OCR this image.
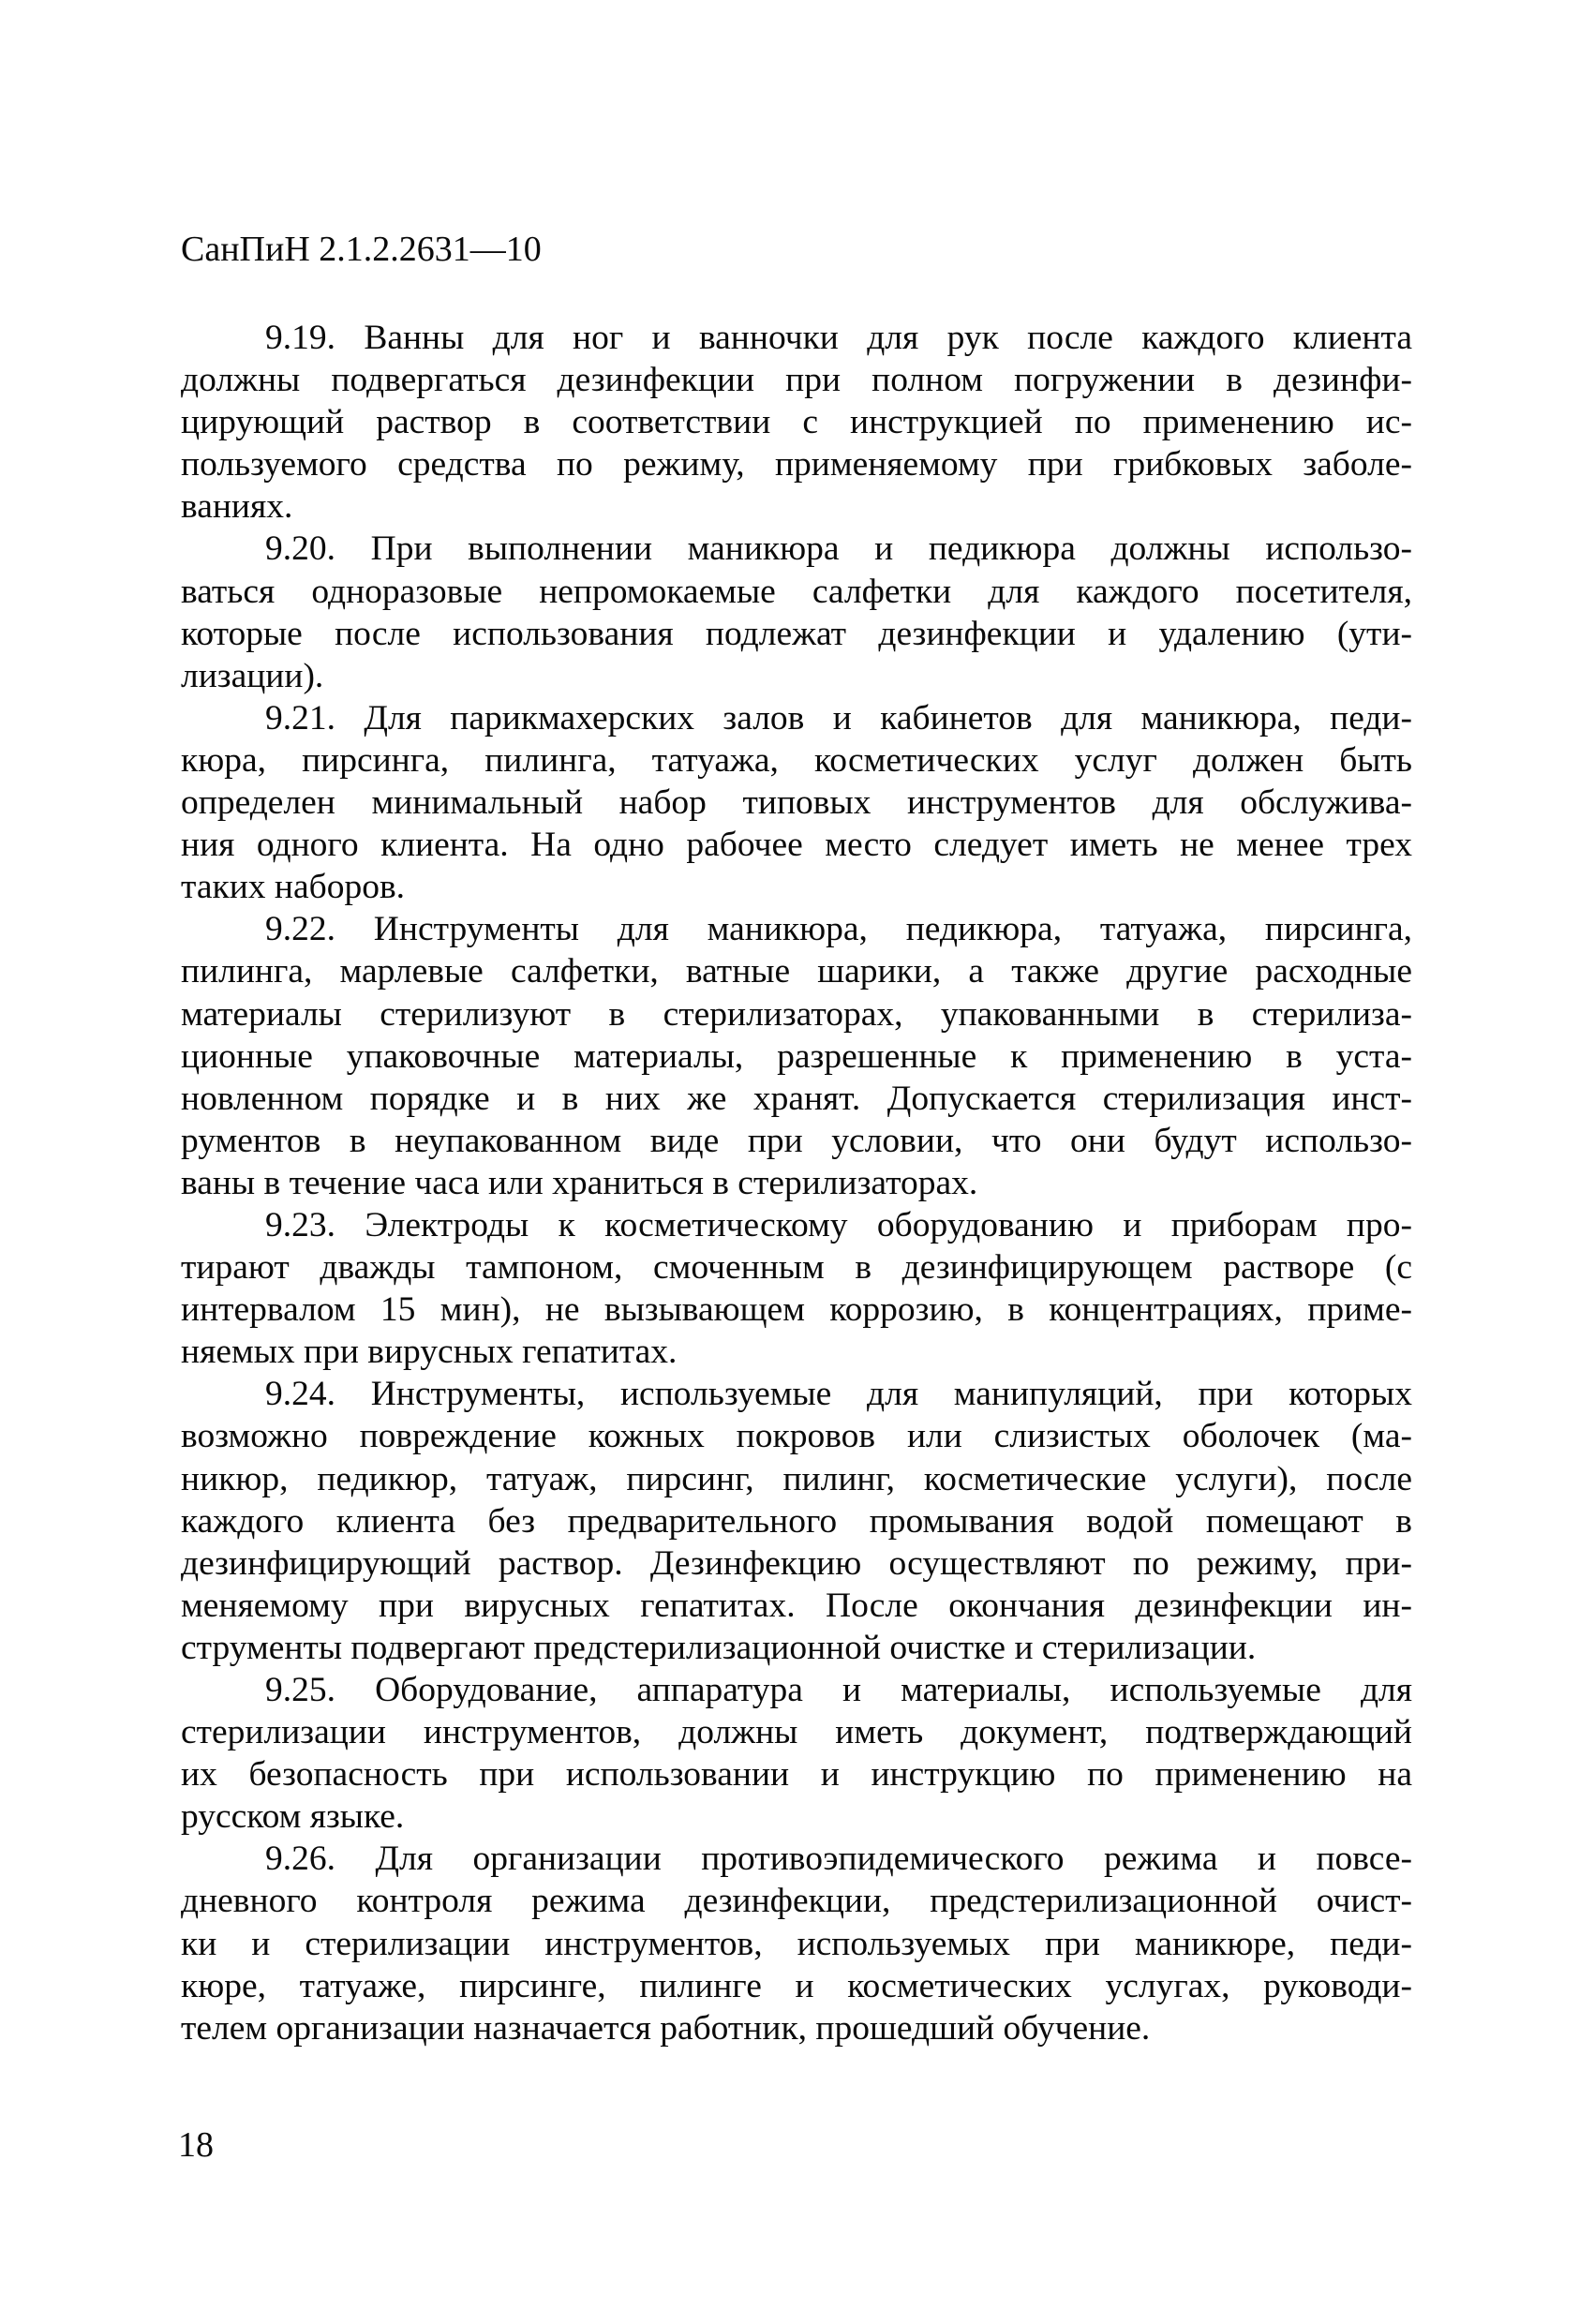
СанПиН 2.1.2.2631—10
9.19. Ванны для ног и ванночки для рук после каждого клиента
должны подвергаться дезинфекции при полном погружении в дезинфи-
цирующий раствор в соответствии с инструкцией по применению ис-
пользуемого средства по режиму, применяемому при грибковых заболе-
ваниях.
9.20. При выполнении маникюра и педикюра должны использо-
ваться одноразовые непромокаемые салфетки для каждого посетителя,
которые после использования подлежат дезинфекции и удалению (ути-
лизации).
9.21. Для парикмахерских залов и кабинетов для маникюра, педи-
кюра, пирсинга, пилинга, татуажа, косметических услуг должен быть
определен минимальный набор типовых инструментов для обслужива-
ния одного клиента. На одно рабочее место следует иметь не менее трех
таких наборов.
9.22. Инструменты для маникюра, педикюра, татуажа, пирсинга,
пилинга, марлевые салфетки, ватные шарики, а также другие расходные
материалы стерилизуют в стерилизаторах, упакованными в стерилиза-
ционные упаковочные материалы, разрешенные к применению в уста-
новленном порядке и в них же хранят. Допускается стерилизация инст-
рументов в неупакованном виде при условии, что они будут использо-
ваны в течение часа или храниться в стерилизаторах.
9.23. Электроды к косметическому оборудованию и приборам про-
тирают дважды тампоном, смоченным в дезинфицирующем растворе (с
интервалом 15 мин), не вызывающем коррозию, в концентрациях, приме-
няемых при вирусных гепатитах.
9.24. Инструменты, используемые для манипуляций, при которых
возможно повреждение кожных покровов или слизистых оболочек (ма-
никюр, педикюр, татуаж, пирсинг, пилинг, косметические услуги), после
каждого клиента без предварительного промывания водой помещают в
дезинфицирующий раствор. Дезинфекцию осуществляют по режиму, при-
меняемому при вирусных гепатитах. После окончания дезинфекции ин-
струменты подвергают предстерилизационной очистке и стерилизации.
9.25. Оборудование, аппаратура и материалы, используемые для
стерилизации инструментов, должны иметь документ, подтверждающий
их безопасность при использовании и инструкцию по применению на
русском языке.
9.26. Для организации противоэпидемического режима и повсе-
дневного контроля режима дезинфекции, предстерилизационной очист-
ки и стерилизации инструментов, используемых при маникюре, педи-
кюре, татуаже, пирсинге, пилинге и косметических услугах, руководи-
телем организации назначается работник, прошедший обучение.
18
